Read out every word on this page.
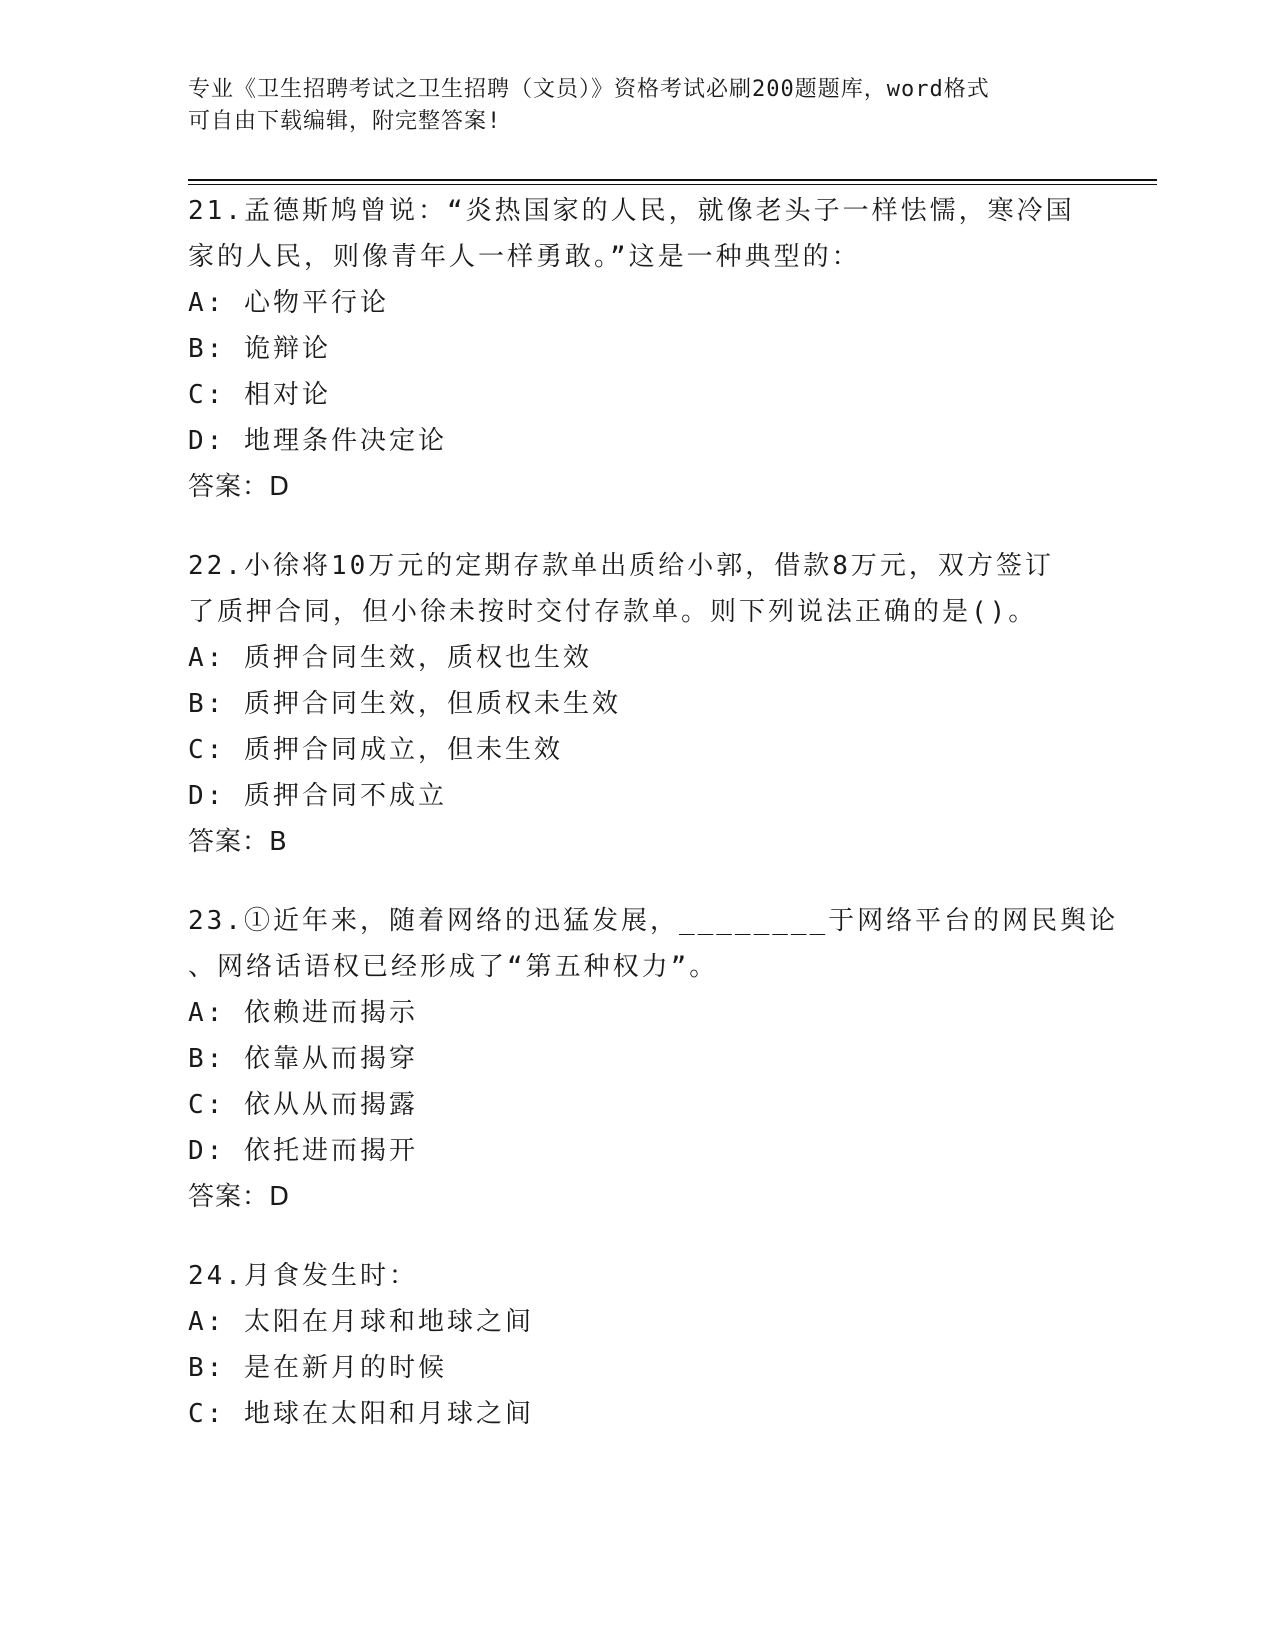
专业《卫生招聘考试之卫生招聘（文员）》资格考试必刷200题题库，word格式
可自由下载编辑，附完整答案!
21.孟德斯鸠曾说：“炎热国家的人民，就像老头子一样怯懦，寒冷国
家的人民，则像青年人一样勇敢。”这是一种典型的：
A: 心物平行论
B: 诡辩论
C: 相对论
D: 地理条件决定论
答案：D
22.小徐将10万元的定期存款单出质给小郭，借款8万元，双方签订
了质押合同，但小徐未按时交付存款单。则下列说法正确的是()。
A: 质押合同生效，质权也生效
B: 质押合同生效，但质权未生效
C: 质押合同成立，但未生效
D: 质押合同不成立
答案：B
23.①近年来，随着网络的迅猛发展，________于网络平台的网民舆论
、网络话语权已经形成了“第五种权力”。
A: 依赖进而揭示
B: 依靠从而揭穿
C: 依从从而揭露
D: 依托进而揭开
答案：D
24.月食发生时：
A: 太阳在月球和地球之间
B: 是在新月的时候
C: 地球在太阳和月球之间
